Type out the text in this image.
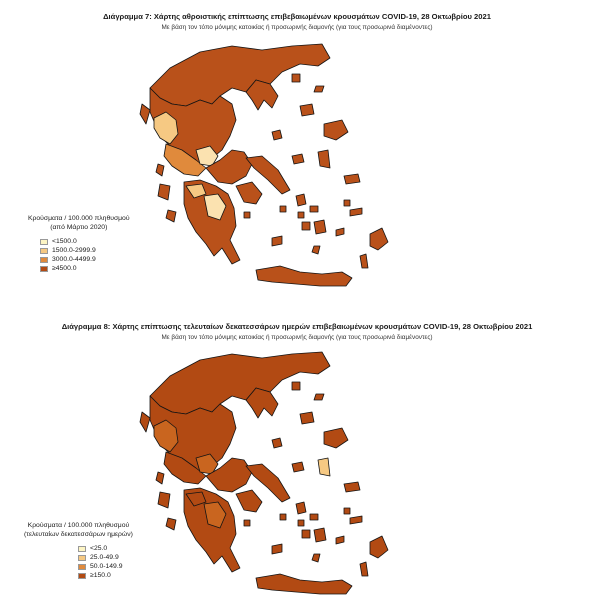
Διάγραμμα 7: Χάρτης αθροιστικής επίπτωσης επιβεβαιωμένων κρουσμάτων COVID-19, 28 Οκτωβρίου 2021
Με βάση τον τόπο μόνιμης κατοικίας ή προσωρινής διαμονής (για τους προσωρινά διαμένοντες)
Κρούσματα / 100.000 πληθυσμού
(από Μάρτιο 2020)
<1500.0
1500.0-2999.9
3000.0-4499.9
≥4500.0
Διάγραμμα 8: Χάρτης επίπτωσης τελευταίων δεκατεσσάρων ημερών επιβεβαιωμένων κρουσμάτων COVID-19, 28 Οκτωβρίου 2021
Με βάση τον τόπο μόνιμης κατοικίας ή προσωρινής διαμονής (για τους προσωρινά διαμένοντες)
Κρούσματα / 100.000 πληθυσμού
(τελευταίων δεκατεσσάρων ημερών)
<25.0
25.0-49.9
50.0-149.9
≥150.0
